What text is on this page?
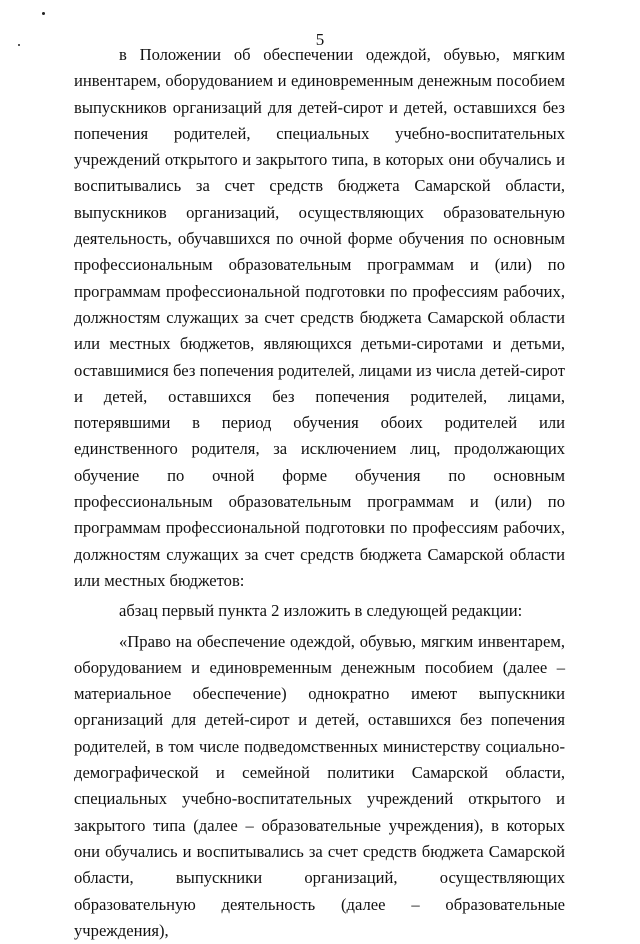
5

в Положении об обеспечении одеждой, обувью, мягким инвентарем, оборудованием и единовременным денежным пособием выпускников организаций для детей-сирот и детей, оставшихся без попечения родителей, специальных учебно-воспитательных учреждений открытого и закрытого типа, в которых они обучались и воспитывались за счет средств бюджета Самарской области, выпускников организаций, осуществляющих образовательную деятельность, обучавшихся по очной форме обучения по основным профессиональным образовательным программам и (или) по программам профессиональной подготовки по профессиям рабочих, должностям служащих за счет средств бюджета Самарской области или местных бюджетов, являющихся детьми-сиротами и детьми, оставшимися без попечения родителей, лицами из числа детей-сирот и детей, оставшихся без попечения родителей, лицами, потерявшими в период обучения обоих родителей или единственного родителя, за исключением лиц, продолжающих обучение по очной форме обучения по основным профессиональным образовательным программам и (или) по программам профессиональной подготовки по профессиям рабочих, должностям служащих за счет средств бюджета Самарской области или местных бюджетов:

абзац первый пункта 2 изложить в следующей редакции:

«Право на обеспечение одеждой, обувью, мягким инвентарем, оборудованием и единовременным денежным пособием (далее – материальное обеспечение) однократно имеют выпускники организаций для детей-сирот и детей, оставшихся без попечения родителей, в том числе подведомственных министерству социально-демографической и семейной политики Самарской области, специальных учебно-воспитательных учреждений открытого и закрытого типа (далее – образовательные учреждения), в которых они обучались и воспитывались за счет средств бюджета Самарской области, выпускники организаций, осуществляющих образовательную деятельность (далее – образовательные учреждения),
